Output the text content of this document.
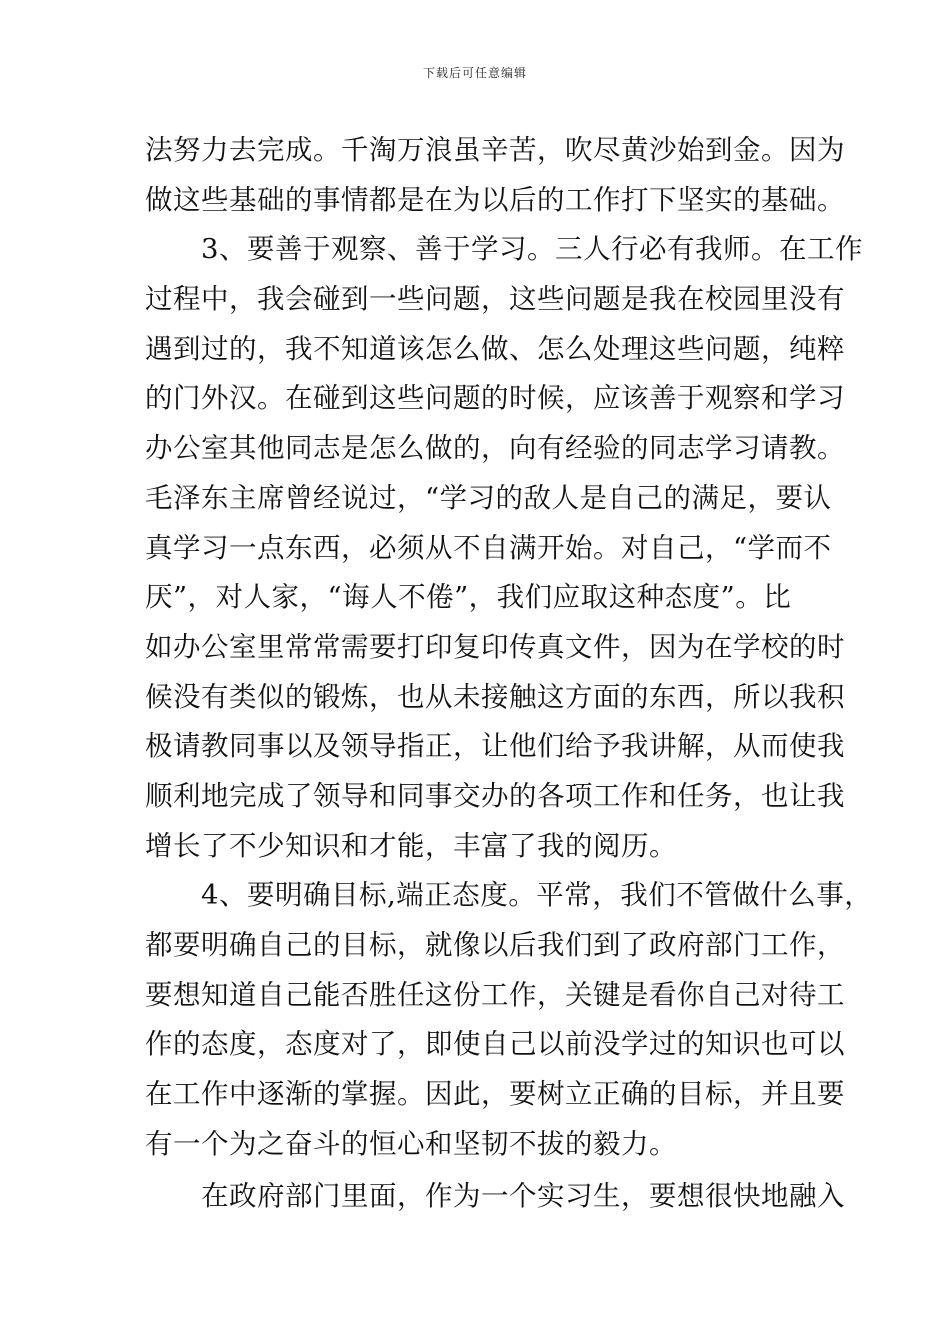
下载后可任意编辑
法努力去完成。千淘万浪虽辛苦，吹尽黄沙始到金。因为
做这些基础的事情都是在为以后的工作打下坚实的基础。
　　3、要善于观察、善于学习。三人行必有我师。在工作
过程中，我会碰到一些问题，这些问题是我在校园里没有
遇到过的，我不知道该怎么做、怎么处理这些问题，纯粹
的门外汉。在碰到这些问题的时候，应该善于观察和学习
办公室其他同志是怎么做的，向有经验的同志学习请教。
毛泽东主席曾经说过，“学习的敌人是自己的满足，要认
真学习一点东西，必须从不自满开始。对自己，“学而不
厌”，对人家，“诲人不倦”，我们应取这种态度”。比
如办公室里常常需要打印复印传真文件，因为在学校的时
候没有类似的锻炼，也从未接触这方面的东西，所以我积
极请教同事以及领导指正，让他们给予我讲解，从而使我
顺利地完成了领导和同事交办的各项工作和任务，也让我
增长了不少知识和才能，丰富了我的阅历。
　　4、要明确目标,端正态度。平常，我们不管做什么事，
都要明确自己的目标，就像以后我们到了政府部门工作，
要想知道自己能否胜任这份工作，关键是看你自己对待工
作的态度，态度对了，即使自己以前没学过的知识也可以
在工作中逐渐的掌握。因此，要树立正确的目标，并且要
有一个为之奋斗的恒心和坚韧不拔的毅力。
　　在政府部门里面，作为一个实习生，要想很快地融入
